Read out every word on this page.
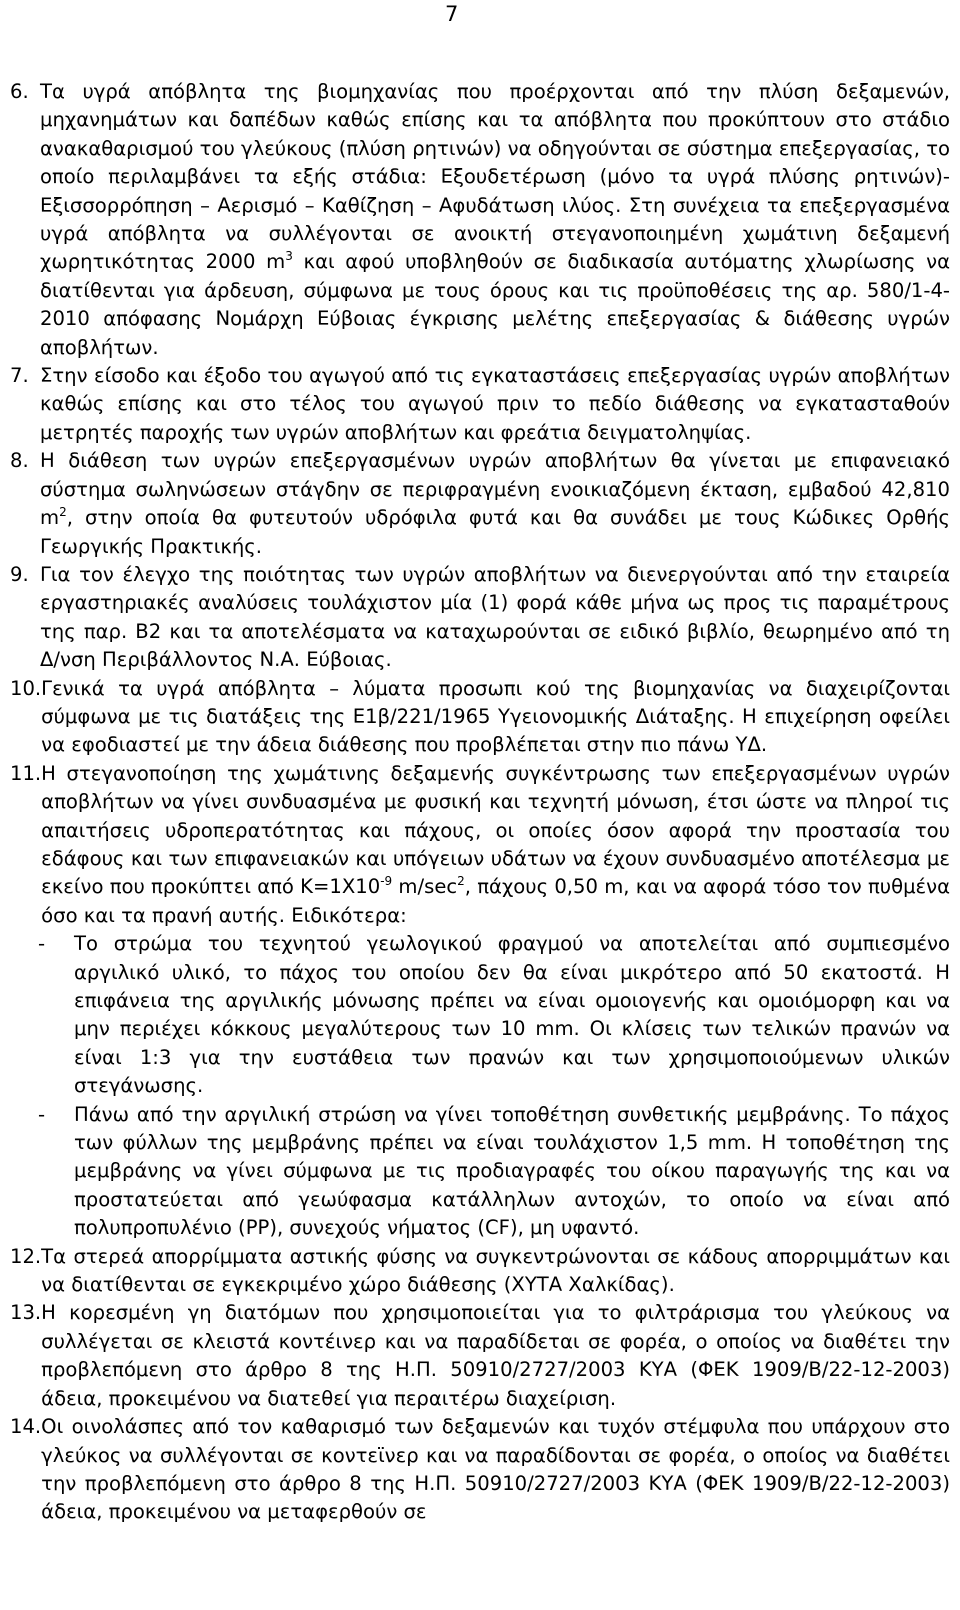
7
6. Τα υγρά απόβλητα της βιομηχανίας που προέρχονται από την πλύση δεξαμενών, μηχανημάτων και δαπέδων καθώς επίσης και τα απόβλητα που προκύπτουν στο στάδιο ανακαθαρισμού του γλεύκους (πλύση ρητινών) να οδηγούνται σε σύστημα επεξεργασίας, το οποίο περιλαμβάνει τα εξής στάδια: Εξουδετέρωση (μόνο τα υγρά πλύσης ρητινών)-Εξισσορρόπηση – Αερισμό – Καθίζηση – Αφυδάτωση ιλύος. Στη συνέχεια τα επεξεργασμένα υγρά απόβλητα να συλλέγονται σε ανοικτή στεγανοποιημένη χωμάτινη δεξαμενή χωρητικότητας 2000 $m^3$ και αφού υποβληθούν σε διαδικασία αυτόματης χλωρίωσης να διατίθενται για άρδευση, σύμφωνα με τους όρους και τις προϋποθέσεις της αρ. 580/1-4-2010 απόφασης Νομάρχη Εύβοιας έγκρισης μελέτης επεξεργασίας & διάθεσης υγρών αποβλήτων.
7. Στην είσοδο και έξοδο του αγωγού από τις εγκαταστάσεις επεξεργασίας υγρών αποβλήτων καθώς επίσης και στο τέλος του αγωγού πριν το πεδίο διάθεσης να εγκατασταθούν μετρητές παροχής των υγρών αποβλήτων και φρεάτια δειγματοληψίας.
8. Η διάθεση των υγρών επεξεργασμένων υγρών αποβλήτων θα γίνεται με επιφανειακό σύστημα σωληνώσεων στάγδην σε περιφραγμένη ενοικιαζόμενη έκταση, εμβαδού 42,810 $m^2$, στην οποία θα φυτευτούν υδρόφιλα φυτά και θα συνάδει με τους Κώδικες Ορθής Γεωργικής Πρακτικής.
9. Για τον έλεγχο της ποιότητας των υγρών αποβλήτων να διενεργούνται από την εταιρεία εργαστηριακές αναλύσεις τουλάχιστον μία (1) φορά κάθε μήνα ως προς τις παραμέτρους της παρ. Β2 και τα αποτελέσματα να καταχωρούνται σε ειδικό βιβλίο, θεωρημένο από τη Δ/νση Περιβάλλοντος Ν.Α. Εύβοιας.
10. Γενικά τα υγρά απόβλητα – λύματα προσωπι κού της βιομηχανίας να διαχειρίζονται σύμφωνα με τις διατάξεις της Ε1β/221/1965 Υγειονομικής Διάταξης. Η επιχείρηση οφείλει να εφοδιαστεί με την άδεια διάθεσης που προβλέπεται στην πιο πάνω ΥΔ.
11. Η στεγανοποίηση της χωμάτινης δεξαμενής συγκέντρωσης των επεξεργασμένων υγρών αποβλήτων να γίνει συνδυασμένα με φυσική και τεχνητή μόνωση, έτσι ώστε να πληροί τις απαιτήσεις υδροπερατότητας και πάχους, οι οποίες όσον αφορά την προστασία του εδάφους και των επιφανειακών και υπόγειων υδάτων να έχουν συνδυασμένο αποτέλεσμα με εκείνο που προκύπτει από $K=1X10^{-9}$ $m/\sec^2$, πάχους 0,50 m, και να αφορά τόσο τον πυθμένα όσο και τα πρανή αυτής. Ειδικότερα:
-	Το στρώμα του τεχνητού γεωλογικού φραγμού να αποτελείται από συμπιεσμένο αργιλικό υλικό, το πάχος του οποίου δεν θα είναι μικρότερο από 50 εκατοστά. Η επιφάνεια της αργιλικής μόνωσης πρέπει να είναι ομοιογενής και ομοιόμορφη και να μην περιέχει κόκκους μεγαλύτερους των 10 mm. Οι κλίσεις των τελικών πρανών να είναι 1:3 για την ευστάθεια των πρανών και των χρησιμοποιούμενων υλικών στεγάνωσης.
-	Πάνω από την αργιλική στρώση να γίνει τοποθέτηση συνθετικής μεμβράνης. Το πάχος των φύλλων της μεμβράνης πρέπει να είναι τουλάχιστον 1,5 mm. Η τοποθέτηση της μεμβράνης να γίνει σύμφωνα με τις προδιαγραφές του οίκου παραγωγής της και να προστατεύεται από γεωύφασμα κατάλληλων αντοχών, το οποίο να είναι από πολυπροπυλένιο (PP), συνεχούς νήματος (CF), μη υφαντό.
12. Τα στερεά απορρίμματα αστικής φύσης να συγκεντρώνονται σε κάδους απορριμμάτων και να διατίθενται σε εγκεκριμένο χώρο διάθεσης (ΧΥΤΑ Χαλκίδας).
13. Η κορεσμένη γη διατόμων που χρησιμοποιείται για το φιλτράρισμα του γλεύκους να συλλέγεται σε κλειστά κοντέινερ και να παραδίδεται σε φορέα, ο οποίος να διαθέτει την προβλεπόμενη στο άρθρο 8 της Η.Π. 50910/2727/2003 ΚΥΑ (ΦΕΚ 1909/Β/22-12-2003) άδεια, προκειμένου να διατεθεί για περαιτέρω διαχείριση.
14. Οι οινολάσπες από τον καθαρισμό των δεξαμενών και τυχόν στέμφυλα που υπάρχουν στο γλεύκος να συλλέγονται σε κοντεϊνερ και να παραδίδονται σε φορέα, ο οποίος να διαθέτει την προβλεπόμενη στο άρθρο 8 της Η.Π. 50910/2727/2003 ΚΥΑ (ΦΕΚ 1909/Β/22-12-2003) άδεια, προκειμένου να μεταφερθούν σε
